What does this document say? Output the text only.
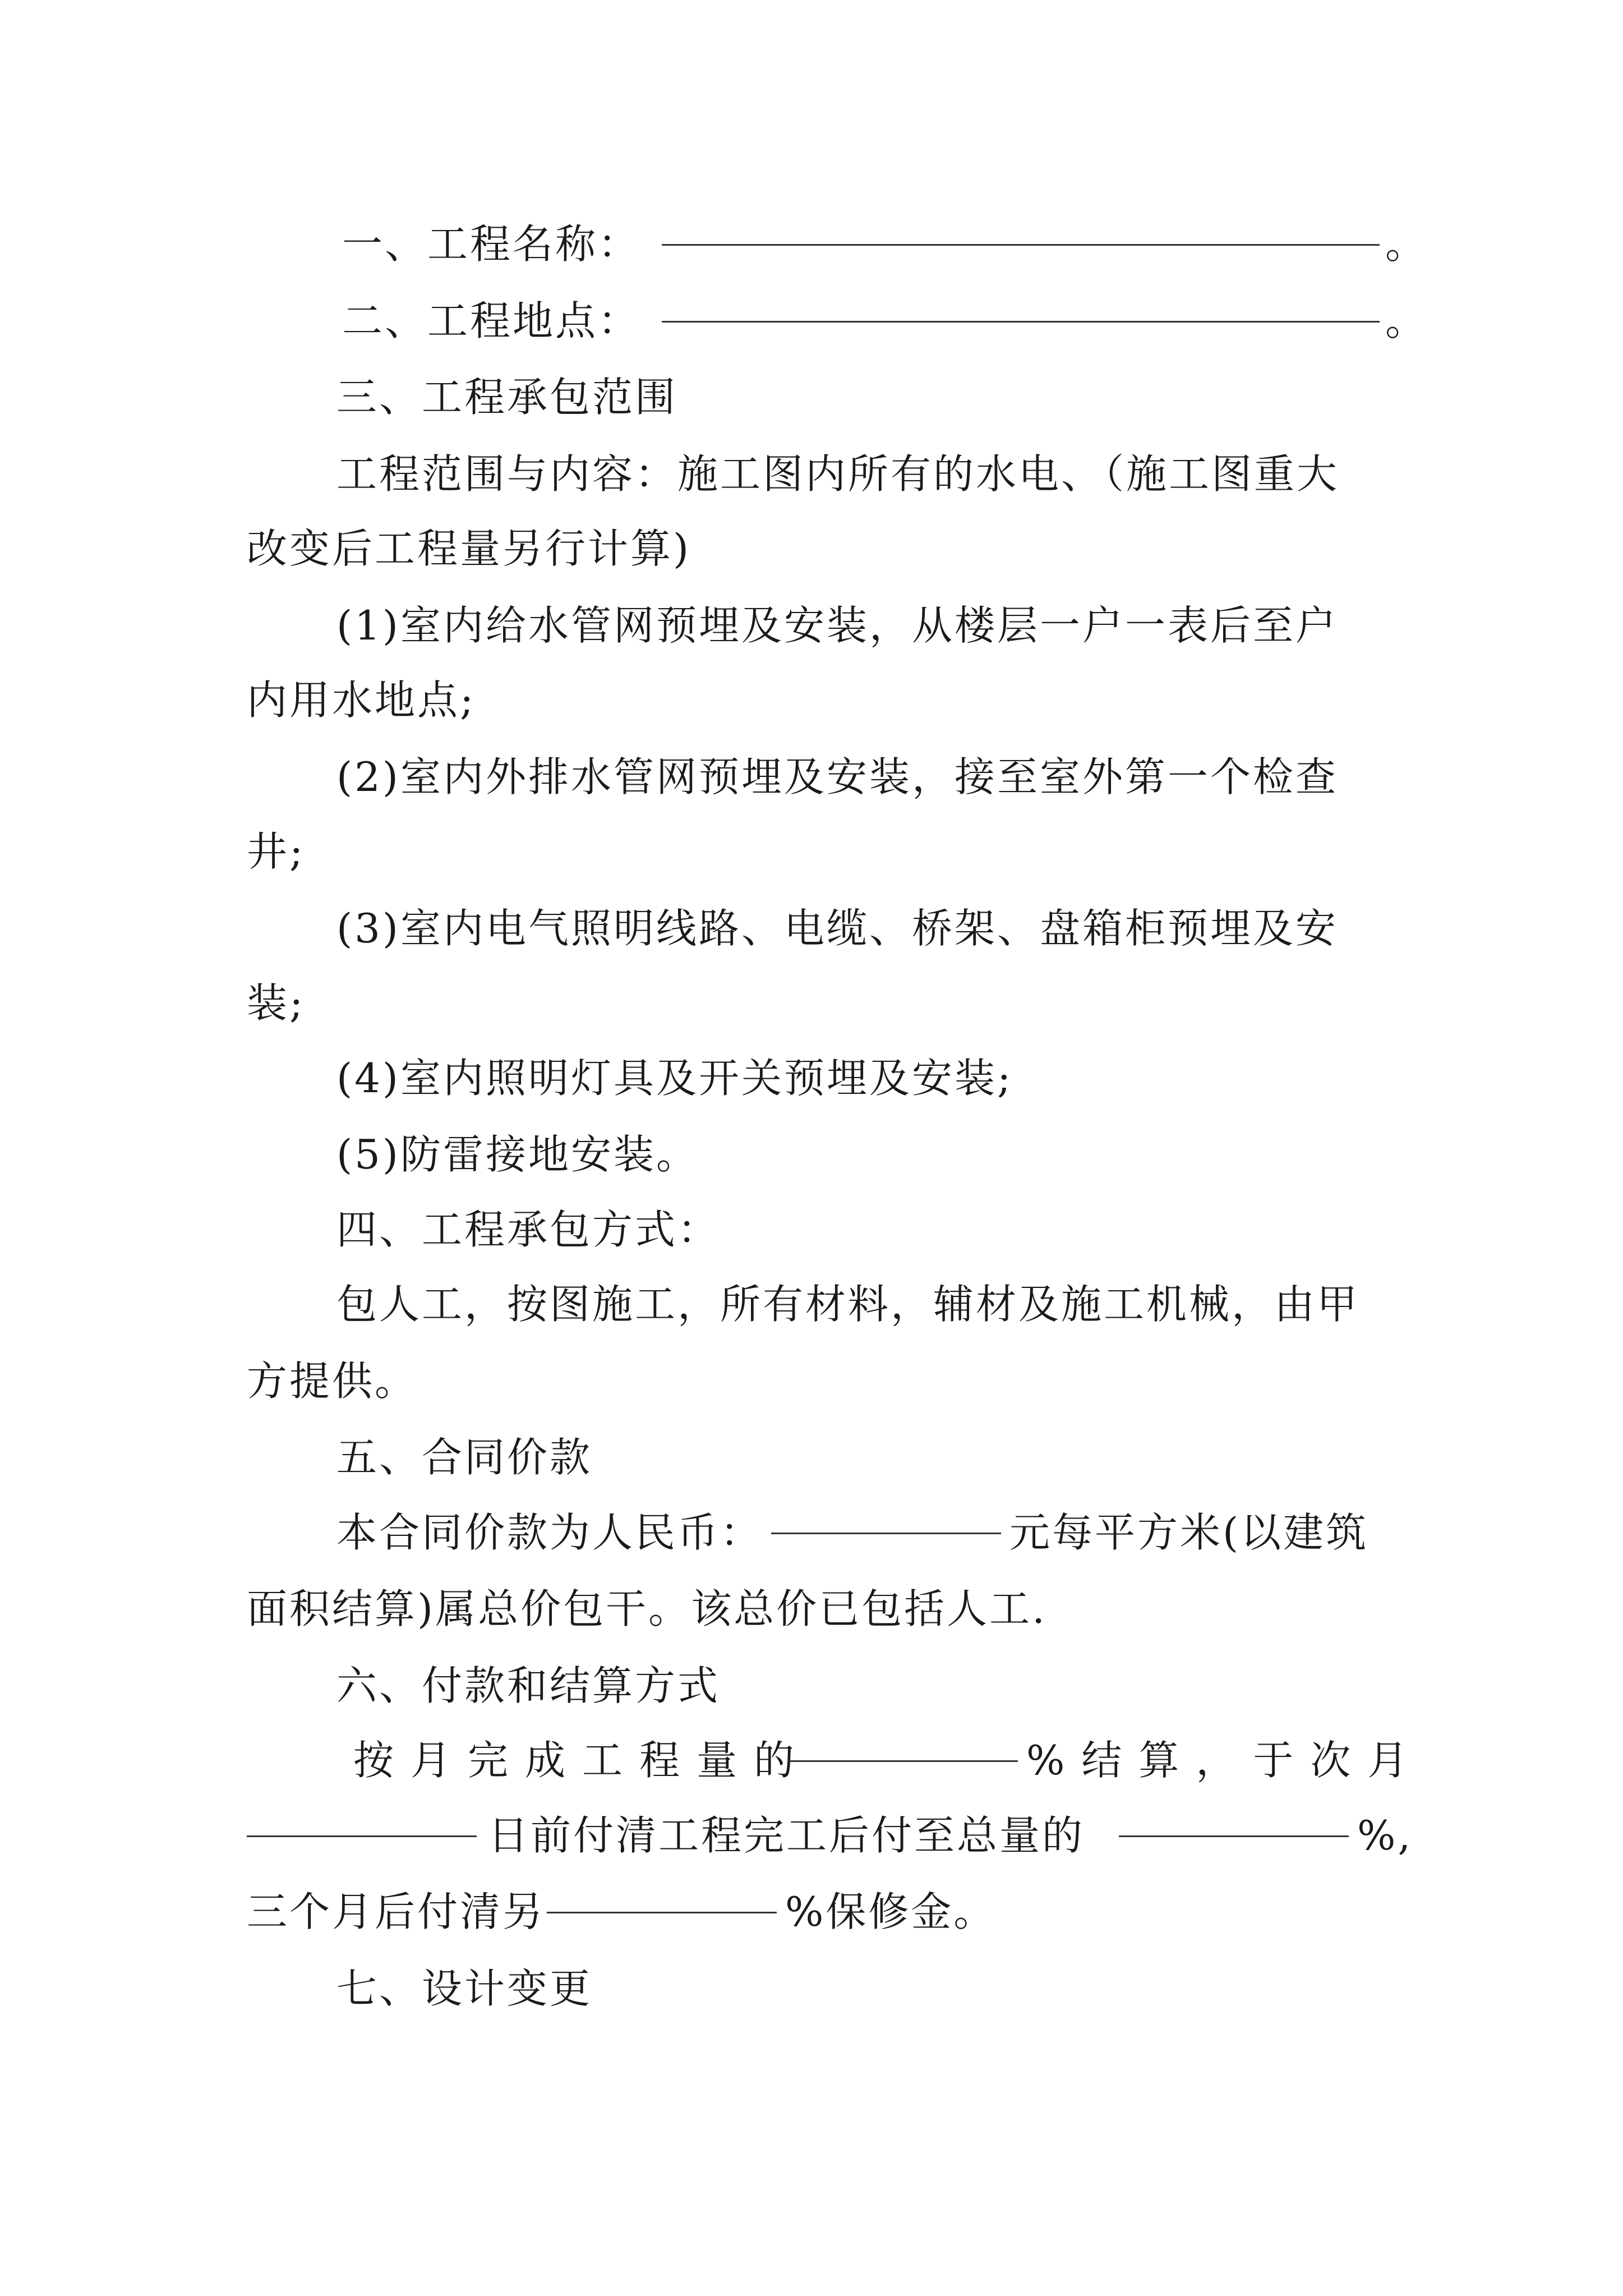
一、工程名称：	。
二、工程地点：	。
三、工程承包范围
工程范围与内容：施工图内所有的水电、（施工图重大
改变后工程量另行计算)
(1)室内给水管网预埋及安装，从楼层一户一表后至户
内用水地点;
(2)室内外排水管网预埋及安装，接至室外第一个检查
井;
(3)室内电气照明线路、电缆、桥架、盘箱柜预埋及安
装;
(4)室内照明灯具及开关预埋及安装;
(5)防雷接地安装。
四、工程承包方式：
包人工，按图施工，所有材料，辅材及施工机械，由甲
方提供。
五、合同价款
本合同价款为人民币：	元每平方米(以建筑
面积结算)属总价包干。该总价已包括人工.
六、付款和结算方式
按月完成工程量的	%结算，于次月
日前付清工程完工后付至总量的	%,
三个月后付清另	%保修金。
七、设计变更
